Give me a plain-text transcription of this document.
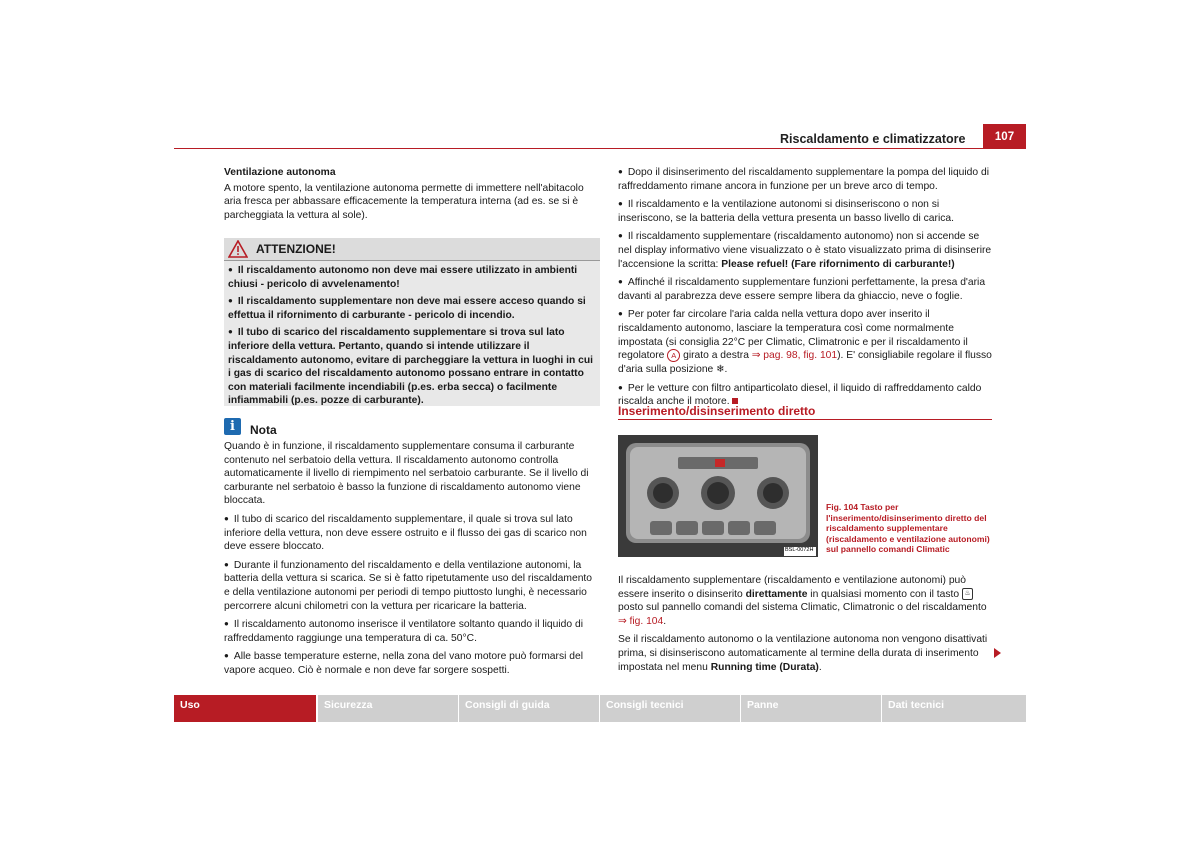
Riscaldamento e climatizzatore	107

Ventilazione autonoma

A motore spento, la ventilazione autonoma permette di immettere nell'abitacolo aria fresca per abbassare efficacemente la temperatura interna (ad es. se si è parcheggiata la vettura al sole).

ATTENZIONE!

● Il riscaldamento autonomo non deve mai essere utilizzato in ambienti chiusi - pericolo di avvelenamento!

● Il riscaldamento supplementare non deve mai essere acceso quando si effettua il rifornimento di carburante - pericolo di incendio.

● Il tubo di scarico del riscaldamento supplementare si trova sul lato inferiore della vettura. Pertanto, quando si intende utilizzare il riscaldamento autonomo, evitare di parcheggiare la vettura in luoghi in cui i gas di scarico del riscaldamento autonomo possano entrare in contatto con materiali facilmente incendiabili (p.es. erba secca) o facilmente infiammabili (p.es. pozze di carburante).

i	Nota

Quando è in funzione, il riscaldamento supplementare consuma il carburante contenuto nel serbatoio della vettura. Il riscaldamento autonomo controlla automaticamente il livello di riempimento nel serbatoio carburante. Se il livello di carburante nel serbatoio è basso la funzione di riscaldamento autonomo viene bloccata.

● Il tubo di scarico del riscaldamento supplementare, il quale si trova sul lato inferiore della vettura, non deve essere ostruito e il flusso dei gas di scarico non deve essere bloccato.

● Durante il funzionamento del riscaldamento e della ventilazione autonomi, la batteria della vettura si scarica. Se si è fatto ripetutamente uso del riscaldamento e della ventilazione autonomi per periodi di tempo piuttosto lunghi, è necessario percorrere alcuni chilometri con la vettura per ricaricare la batteria.

● Il riscaldamento autonomo inserisce il ventilatore soltanto quando il liquido di raffreddamento raggiunge una temperatura di ca. 50°C.

● Alle basse temperature esterne, nella zona del vano motore può formarsi del vapore acqueo. Ciò è normale e non deve far sorgere sospetti.

● Dopo il disinserimento del riscaldamento supplementare la pompa del liquido di raffreddamento rimane ancora in funzione per un breve arco di tempo.

● Il riscaldamento e la ventilazione autonomi si disinseriscono o non si inseriscono, se la batteria della vettura presenta un basso livello di carica.

● Il riscaldamento supplementare (riscaldamento autonomo) non si accende se nel display informativo viene visualizzato o è stato visualizzato prima di disinserire l'accensione la scritta: Please refuel! (Fare rifornimento di carburante!)

● Affinché il riscaldamento supplementare funzioni perfettamente, la presa d'aria davanti al parabrezza deve essere sempre libera da ghiaccio, neve o foglie.

● Per poter far circolare l'aria calda nella vettura dopo aver inserito il riscaldamento autonomo, lasciare la temperatura così come normalmente impostata (si consiglia 22°C per Climatic, Climatronic e per il riscaldamento il regolatore A girato a destra ⇒ pag. 98, fig. 101). E' consigliabile regolare il flusso d'aria sulla posizione ❄.

● Per le vetture con filtro antiparticolato diesel, il liquido di raffreddamento caldo riscalda anche il motore.

Inserimento/disinserimento diretto
BSL-0072H
Fig. 104 Tasto per l'inserimento/disinserimento diretto del riscaldamento supplementare (riscaldamento e ventilazione autonomi) sul pannello comandi Climatic

Il riscaldamento supplementare (riscaldamento e ventilazione autonomi) può essere inserito o disinserito direttamente in qualsiasi momento con il tasto ♨ posto sul pannello comandi del sistema Climatic, Climatronic o del riscaldamento ⇒ fig. 104.

Se il riscaldamento autonomo o la ventilazione autonoma non vengono disattivati prima, si disinseriscono automaticamente al termine della durata di inserimento impostata nel menu Running time (Durata).

Uso	Sicurezza	Consigli di guida	Consigli tecnici	Panne	Dati tecnici
